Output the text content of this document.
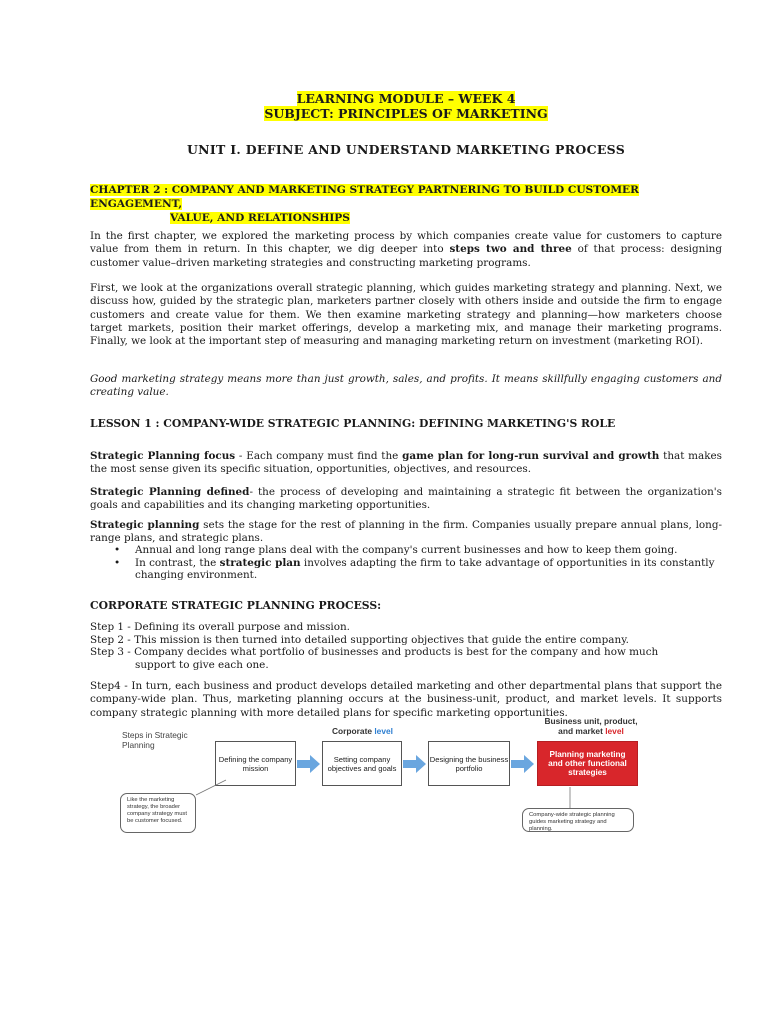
LEARNING MODULE – WEEK 4
SUBJECT: PRINCIPLES OF MARKETING
UNIT I. DEFINE AND UNDERSTAND MARKETING PROCESS
CHAPTER 2 : COMPANY AND MARKETING STRATEGY PARTNERING TO BUILD CUSTOMER ENGAGEMENT,
VALUE, AND RELATIONSHIPS
In the first chapter, we explored the marketing process by which companies create value for customers to capture value from them in return. In this chapter, we dig deeper into steps two and three of that process: designing customer value–driven marketing strategies and constructing marketing programs.
First, we look at the organizations overall strategic planning, which guides marketing strategy and planning. Next, we discuss how, guided by the strategic plan, marketers partner closely with others inside and outside the firm to engage customers and create value for them. We then examine marketing strategy and planning—how marketers choose target markets, position their market offerings, develop a marketing mix, and manage their marketing programs. Finally, we look at the important step of measuring and managing marketing return on investment (marketing ROI).
Good marketing strategy means more than just growth, sales, and profits. It means skillfully engaging customers and creating value.
LESSON 1 : COMPANY-WIDE STRATEGIC PLANNING: DEFINING MARKETING'S ROLE
Strategic Planning focus - Each company must find the game plan for long-run survival and growth that makes the most sense given its specific situation, opportunities, objectives, and resources.
Strategic Planning defined- the process of developing and maintaining a strategic fit between the organization's goals and capabilities and its changing marketing opportunities.
Strategic planning sets the stage for the rest of planning in the firm. Companies usually prepare annual plans, long-range plans, and strategic plans.
• Annual and long range plans deal with the company's current businesses and how to keep them going.
• In contrast, the strategic plan involves adapting the firm to take advantage of opportunities in its constantly changing environment.
CORPORATE STRATEGIC PLANNING PROCESS:
Step 1 - Defining its overall purpose and mission.
Step 2 - This mission is then turned into detailed supporting objectives that guide the entire company.
Step 3 - Company decides what portfolio of businesses and products is best for the company and how much
support to give each one.
Step4 - In turn, each business and product develops detailed marketing and other departmental plans that support the company-wide plan. Thus, marketing planning occurs at the business-unit, product, and market levels. It supports company strategic planning with more detailed plans for specific marketing opportunities.
Steps in Strategic Planning
Corporate level
Business unit, product, and market level
Defining the company mission
Setting company objectives and goals
Designing the business portfolio
Planning marketing and other functional strategies
Like the marketing strategy, the broader company strategy must be customer focused.
Company-wide strategic planning guides marketing strategy and planning.
